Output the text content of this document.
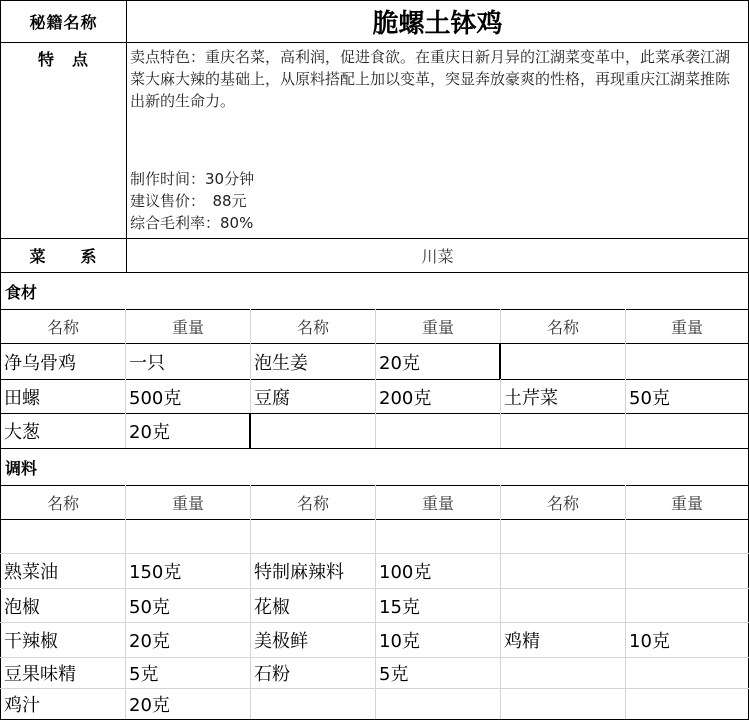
秘籍名称	脆螺土钵鸡
特　点	卖点特色：重庆名菜，高利润，促进食欲。在重庆日新月异的江湖菜变革中，此菜承袭江湖菜大麻大辣的基础上，从原料搭配上加以变革，突显奔放豪爽的性格，再现重庆江湖菜推陈出新的生命力。

制作时间：30分钟

建议售价：　88元

综合毛利率：80%

菜　　系	川菜
食材
名称	重量	名称	重量	名称	重量
净乌骨鸡	一只	泡生姜	20克
田螺	500克	豆腐	200克	土芹菜	50克
大葱	20克
调料
名称	重量	名称	重量	名称	重量
熟菜油	150克	特制麻辣料	100克
泡椒	50克	花椒	15克
干辣椒	20克	美极鲜	10克	鸡精	10克
豆果味精	5克	石粉	5克
鸡汁	20克
